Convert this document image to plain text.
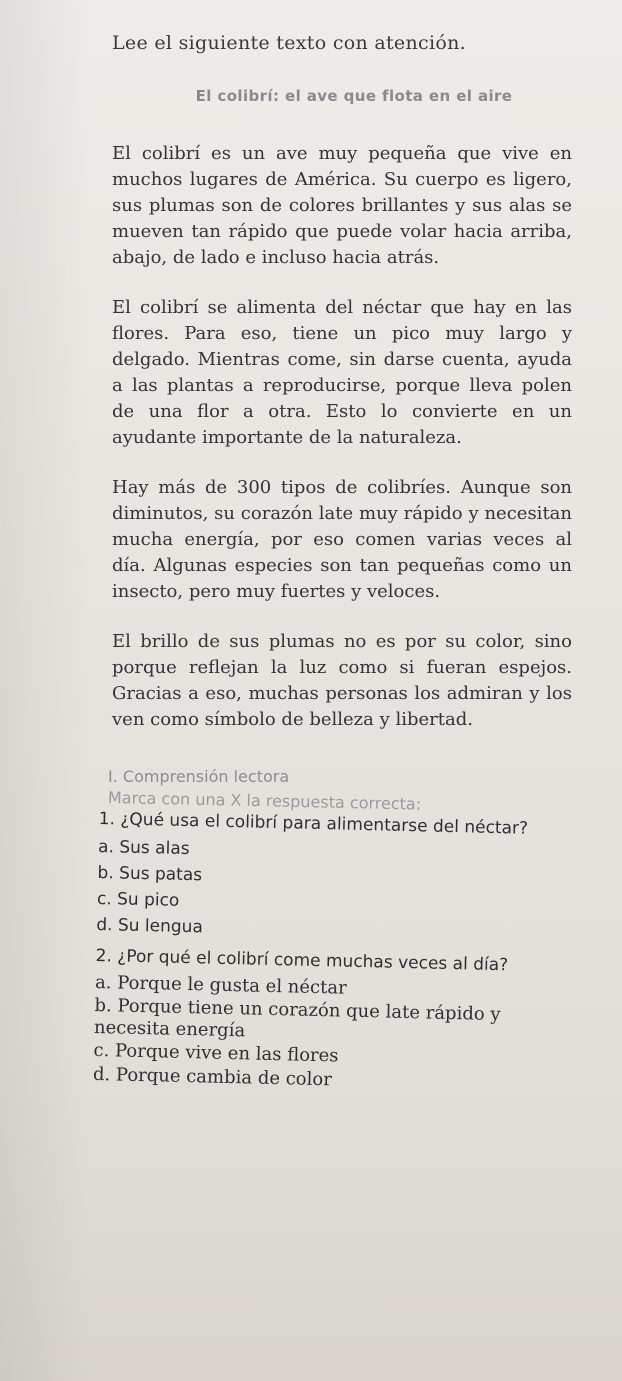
Lee el siguiente texto con atención.
El colibrí: el ave que flota en el aire

El colibrí es un ave muy pequeña que vive en muchos lugares de América. Su cuerpo es ligero, sus plumas son de colores brillantes y sus alas se mueven tan rápido que puede volar hacia arriba, abajo, de lado e incluso hacia atrás.

El colibrí se alimenta del néctar que hay en las flores. Para eso, tiene un pico muy largo y delgado. Mientras come, sin darse cuenta, ayuda a las plantas a reproducirse, porque lleva polen de una flor a otra. Esto lo convierte en un ayudante importante de la naturaleza.

Hay más de 300 tipos de colibríes. Aunque son diminutos, su corazón late muy rápido y necesitan mucha energía, por eso comen varias veces al día. Algunas especies son tan pequeñas como un insecto, pero muy fuertes y veloces.

El brillo de sus plumas no es por su color, sino porque reflejan la luz como si fueran espejos. Gracias a eso, muchas personas los admiran y los ven como símbolo de belleza y libertad.

I. Comprensión lectora
Marca con una X la respuesta correcta:
1. ¿Qué usa el colibrí para alimentarse del néctar?
a. Sus alas
b. Sus patas
c. Su pico
d. Su lengua
2. ¿Por qué el colibrí come muchas veces al día?
a. Porque le gusta el néctar
b. Porque tiene un corazón que late rápido y necesita energía
c. Porque vive en las flores
d. Porque cambia de color
